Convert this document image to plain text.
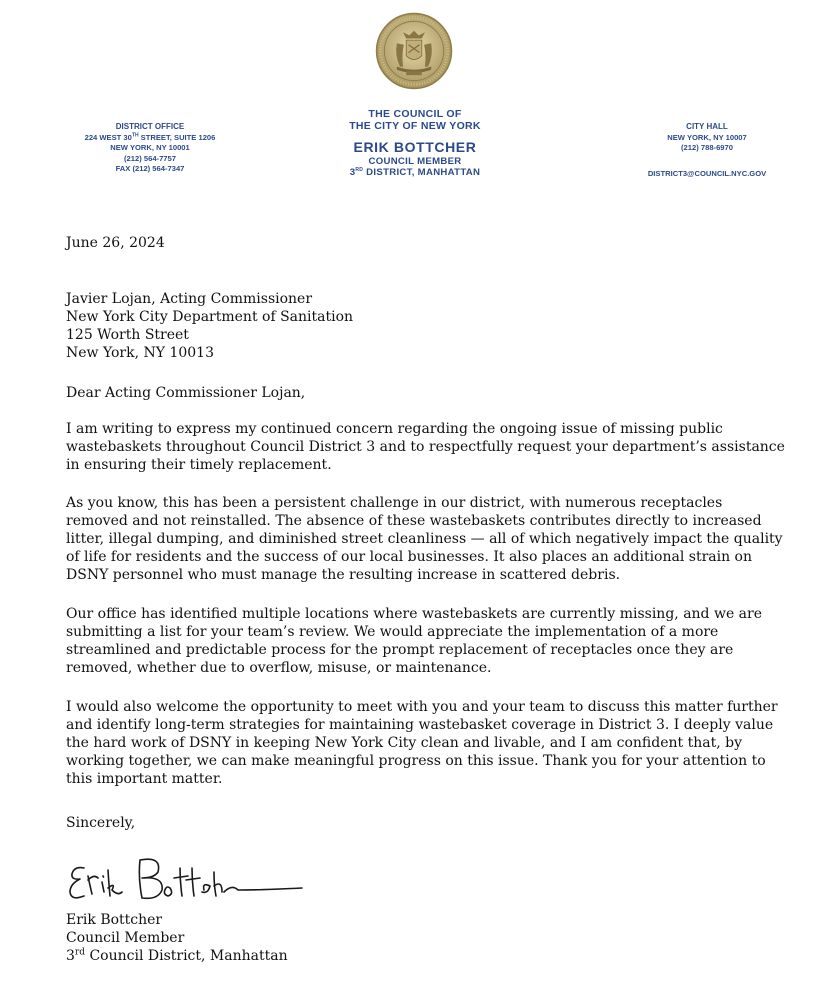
DISTRICT OFFICE
224 WEST 30TH STREET, SUITE 1206
NEW YORK, NY 10001
(212) 564-7757
FAX (212) 564-7347
THE COUNCIL OF
THE CITY OF NEW YORK
ERIK BOTTCHER
COUNCIL MEMBER
3RD DISTRICT, MANHATTAN
CITY HALL
NEW YORK, NY 10007
(212) 788-6970
DISTRICT3@COUNCIL.NYC.GOV
June 26, 2024
Javier Lojan, Acting Commissioner
New York City Department of Sanitation
125 Worth Street
New York, NY 10013
Dear Acting Commissioner Lojan,

I am writing to express my continued concern regarding the ongoing issue of missing public wastebaskets throughout Council District 3 and to respectfully request your department’s assistance in ensuring their timely replacement.

As you know, this has been a persistent challenge in our district, with numerous receptacles removed and not reinstalled. The absence of these wastebaskets contributes directly to increased litter, illegal dumping, and diminished street cleanliness — all of which negatively impact the quality of life for residents and the success of our local businesses. It also places an additional strain on DSNY personnel who must manage the resulting increase in scattered debris.

Our office has identified multiple locations where wastebaskets are currently missing, and we are submitting a list for your team’s review. We would appreciate the implementation of a more streamlined and predictable process for the prompt replacement of receptacles once they are removed, whether due to overflow, misuse, or maintenance.

I would also welcome the opportunity to meet with you and your team to discuss this matter further and identify long-term strategies for maintaining wastebasket coverage in District 3. I deeply value the hard work of DSNY in keeping New York City clean and livable, and I am confident that, by working together, we can make meaningful progress on this issue. Thank you for your attention to this important matter.

Sincerely,
Erik Bottcher
Council Member
3rd Council District, Manhattan
